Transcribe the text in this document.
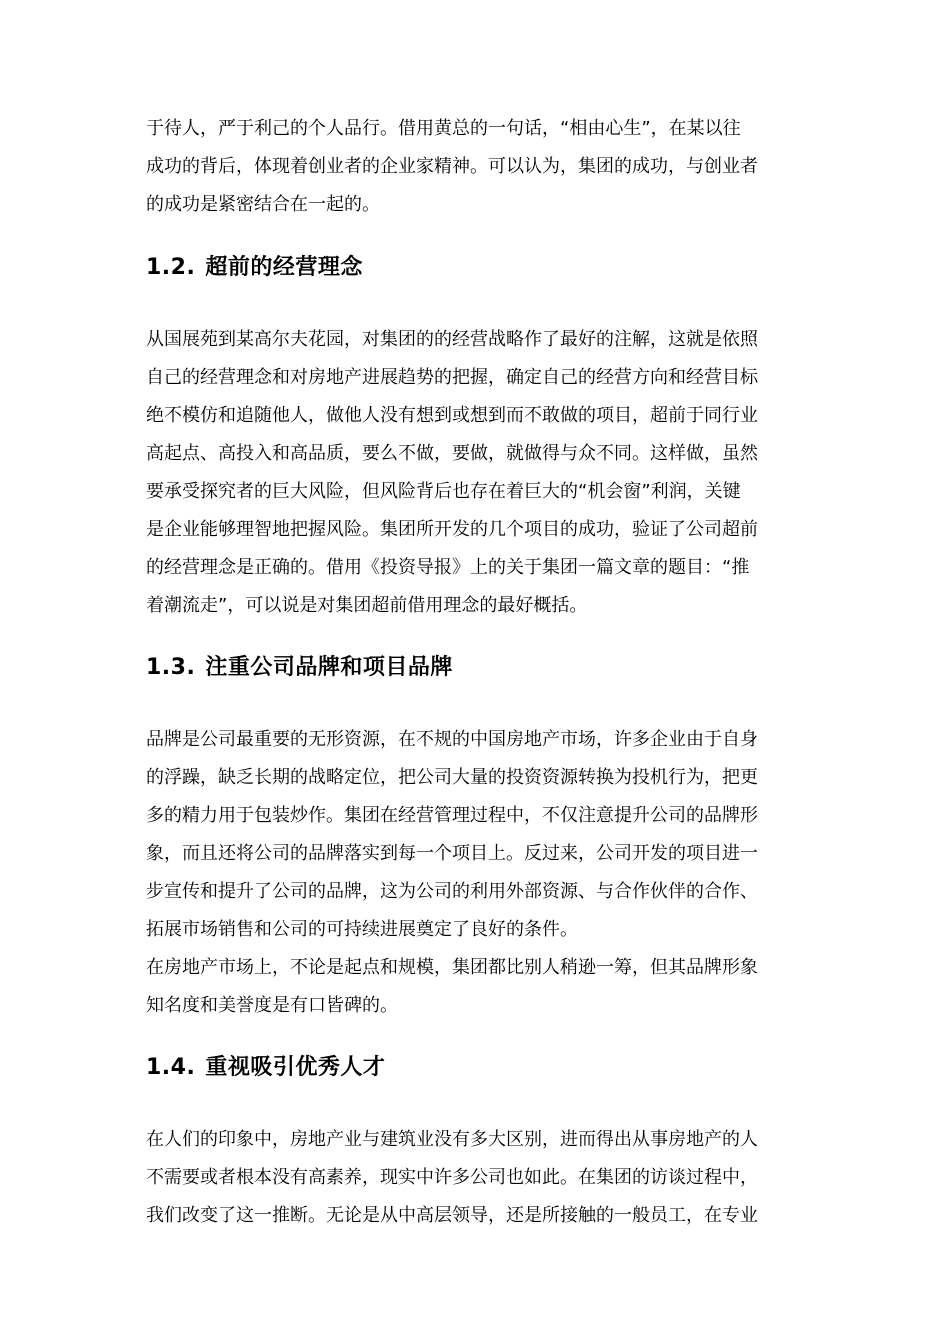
于待人，严于利己的个人品行。借用黄总的一句话，“相由心生”，在某以往
成功的背后，体现着创业者的企业家精神。可以认为，集团的成功，与创业者
的成功是紧密结合在一起的。

1.2. 超前的经营理念

从国展苑到某高尔夫花园，对集团的的经营战略作了最好的注解，这就是依照
自己的经营理念和对房地产进展趋势的把握，确定自己的经营方向和经营目标
绝不模仿和追随他人，做他人没有想到或想到而不敢做的项目，超前于同行业
高起点、高投入和高品质，要么不做，要做，就做得与众不同。这样做，虽然
要承受探究者的巨大风险，但风险背后也存在着巨大的“机会窗”利润，关键
是企业能够理智地把握风险。集团所开发的几个项目的成功，验证了公司超前
的经营理念是正确的。借用《投资导报》上的关于集团一篇文章的题目：“推
着潮流走”，可以说是对集团超前借用理念的最好概括。

1.3. 注重公司品牌和项目品牌

品牌是公司最重要的无形资源，在不规的中国房地产市场，许多企业由于自身
的浮躁，缺乏长期的战略定位，把公司大量的投资资源转换为投机行为，把更
多的精力用于包装炒作。集团在经营管理过程中，不仅注意提升公司的品牌形
象，而且还将公司的品牌落实到每一个项目上。反过来，公司开发的项目进一
步宣传和提升了公司的品牌，这为公司的利用外部资源、与合作伙伴的合作、
拓展市场销售和公司的可持续进展奠定了良好的条件。
在房地产市场上，不论是起点和规模，集团都比别人稍逊一筹，但其品牌形象
知名度和美誉度是有口皆碑的。

1.4. 重视吸引优秀人才

在人们的印象中，房地产业与建筑业没有多大区别，进而得出从事房地产的人
不需要或者根本没有高素养，现实中许多公司也如此。在集团的访谈过程中，
我们改变了这一推断。无论是从中高层领导，还是所接触的一般员工，在专业
